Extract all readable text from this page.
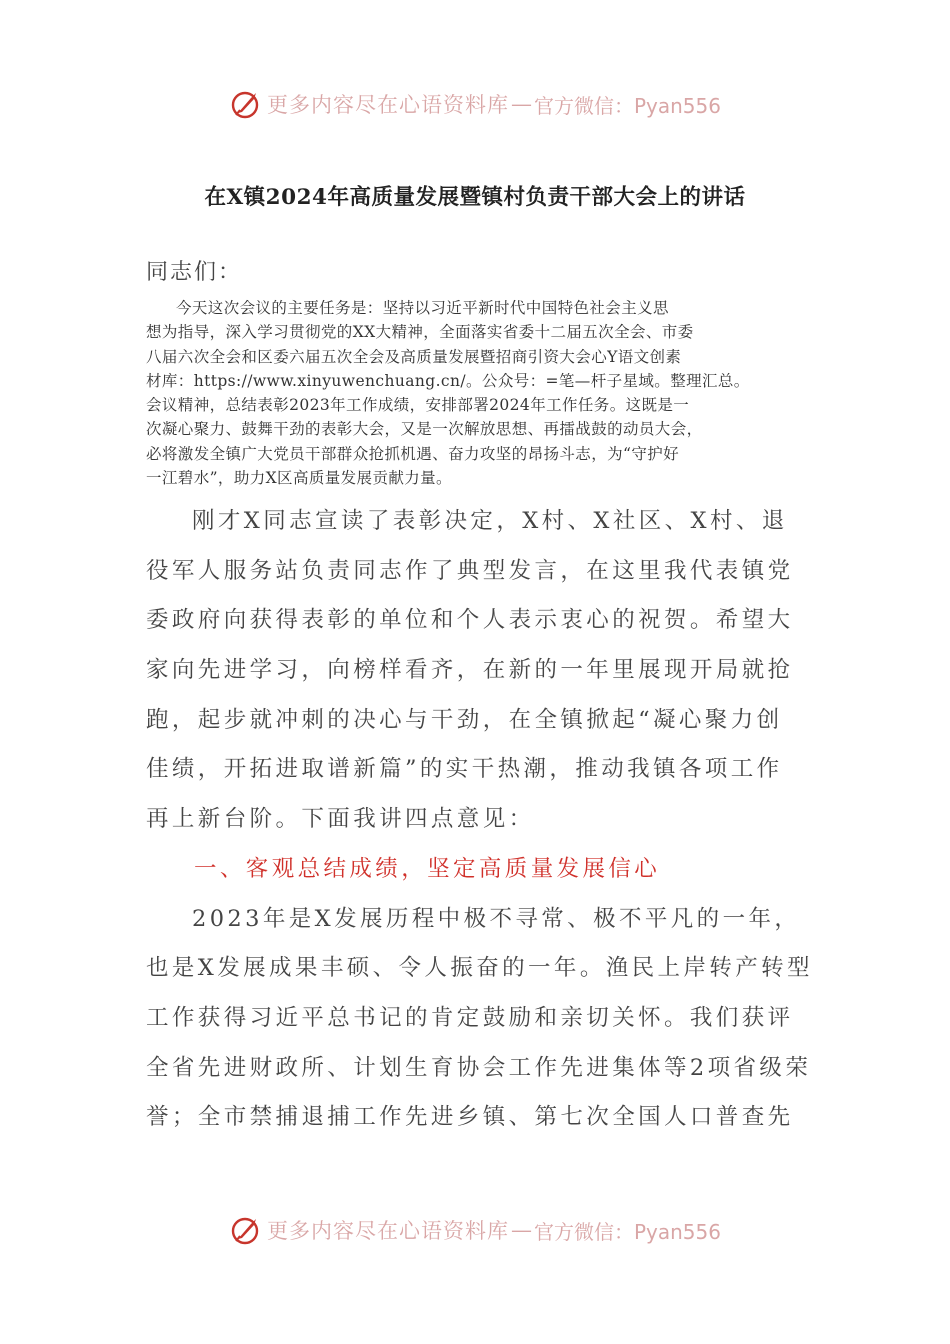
更多内容尽在心语资料库 — 官方微信：Pyan556
在X镇2024年高质量发展暨镇村负责干部大会上的讲话
同志们：
今天这次会议的主要任务是：坚持以习近平新时代中国特色社会主义思
想为指导，深入学习贯彻党的XX大精神，全面落实省委十二届五次全会、市委
八届六次全会和区委六届五次全会及高质量发展暨招商引资大会心Y语文创素
材库：https://www.xinyuwenchuang.cn/。公众号：=笔—杆子星域。整理汇总。
会议精神，总结表彰2023年工作成绩，安排部署2024年工作任务。这既是一
次凝心聚力、鼓舞干劲的表彰大会，又是一次解放思想、再擂战鼓的动员大会，
必将激发全镇广大党员干部群众抢抓机遇、奋力攻坚的昂扬斗志，为“守护好
一江碧水”，助力X区高质量发展贡献力量。
刚才X同志宣读了表彰决定，X村、X社区、X村、退
役军人服务站负责同志作了典型发言，在这里我代表镇党
委政府向获得表彰的单位和个人表示衷心的祝贺。希望大
家向先进学习，向榜样看齐，在新的一年里展现开局就抢
跑，起步就冲刺的决心与干劲，在全镇掀起“凝心聚力创
佳绩，开拓进取谱新篇”的实干热潮，推动我镇各项工作
再上新台阶。下面我讲四点意见：
一、客观总结成绩，坚定高质量发展信心
2023年是X发展历程中极不寻常、极不平凡的一年，
也是X发展成果丰硕、令人振奋的一年。渔民上岸转产转型
工作获得习近平总书记的肯定鼓励和亲切关怀。我们获评
全省先进财政所、计划生育协会工作先进集体等2项省级荣
誉；全市禁捕退捕工作先进乡镇、第七次全国人口普查先
更多内容尽在心语资料库 — 官方微信：Pyan556
